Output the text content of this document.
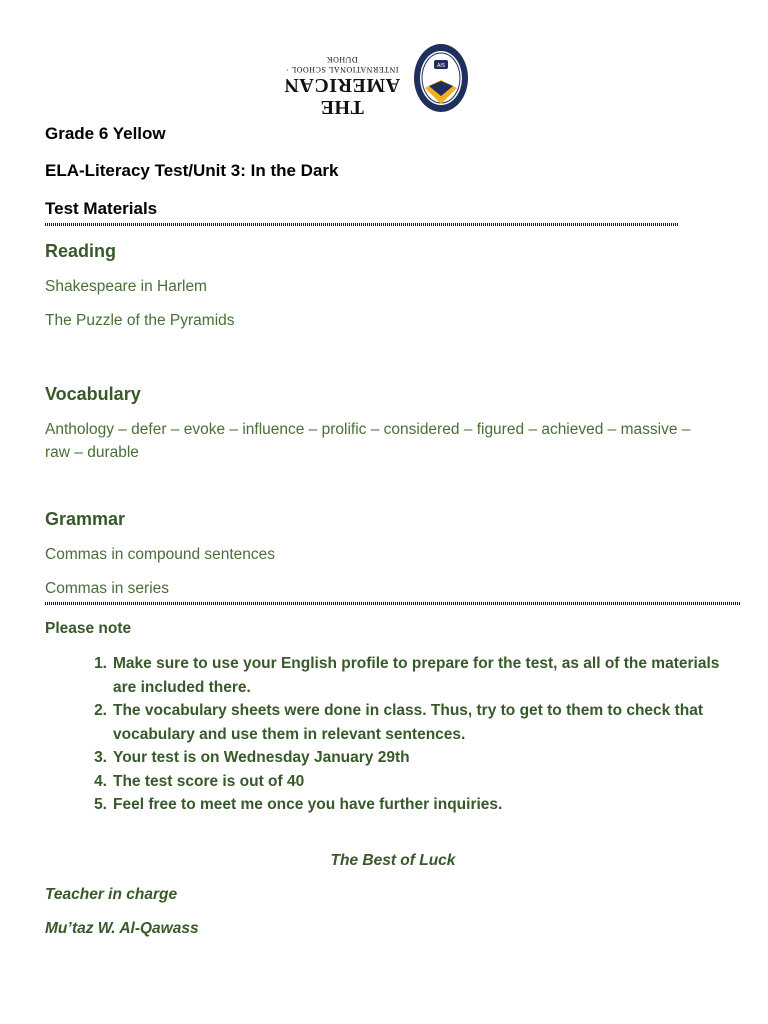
THE AMERICAN
INTERNATIONAL SCHOOL · DUHOK
AIS
Grade 6 Yellow
ELA-Literacy Test/Unit 3: In the Dark
Test Materials
Reading
Shakespeare in Harlem
The Puzzle of the Pyramids
Vocabulary
Anthology – defer – evoke – influence – prolific – considered – figured – achieved – massive –
raw – durable
Grammar
Commas in compound sentences
Commas in series
Please note
1. Make sure to use your English profile to prepare for the test, as all of the materials
are included there.
2. The vocabulary sheets were done in class. Thus, try to get to them to check that
vocabulary and use them in relevant sentences.
3. Your test is on Wednesday January 29th
4. The test score is out of 40
5. Feel free to meet me once you have further inquiries.
The Best of Luck
Teacher in charge
Mu’taz W. Al-Qawass
